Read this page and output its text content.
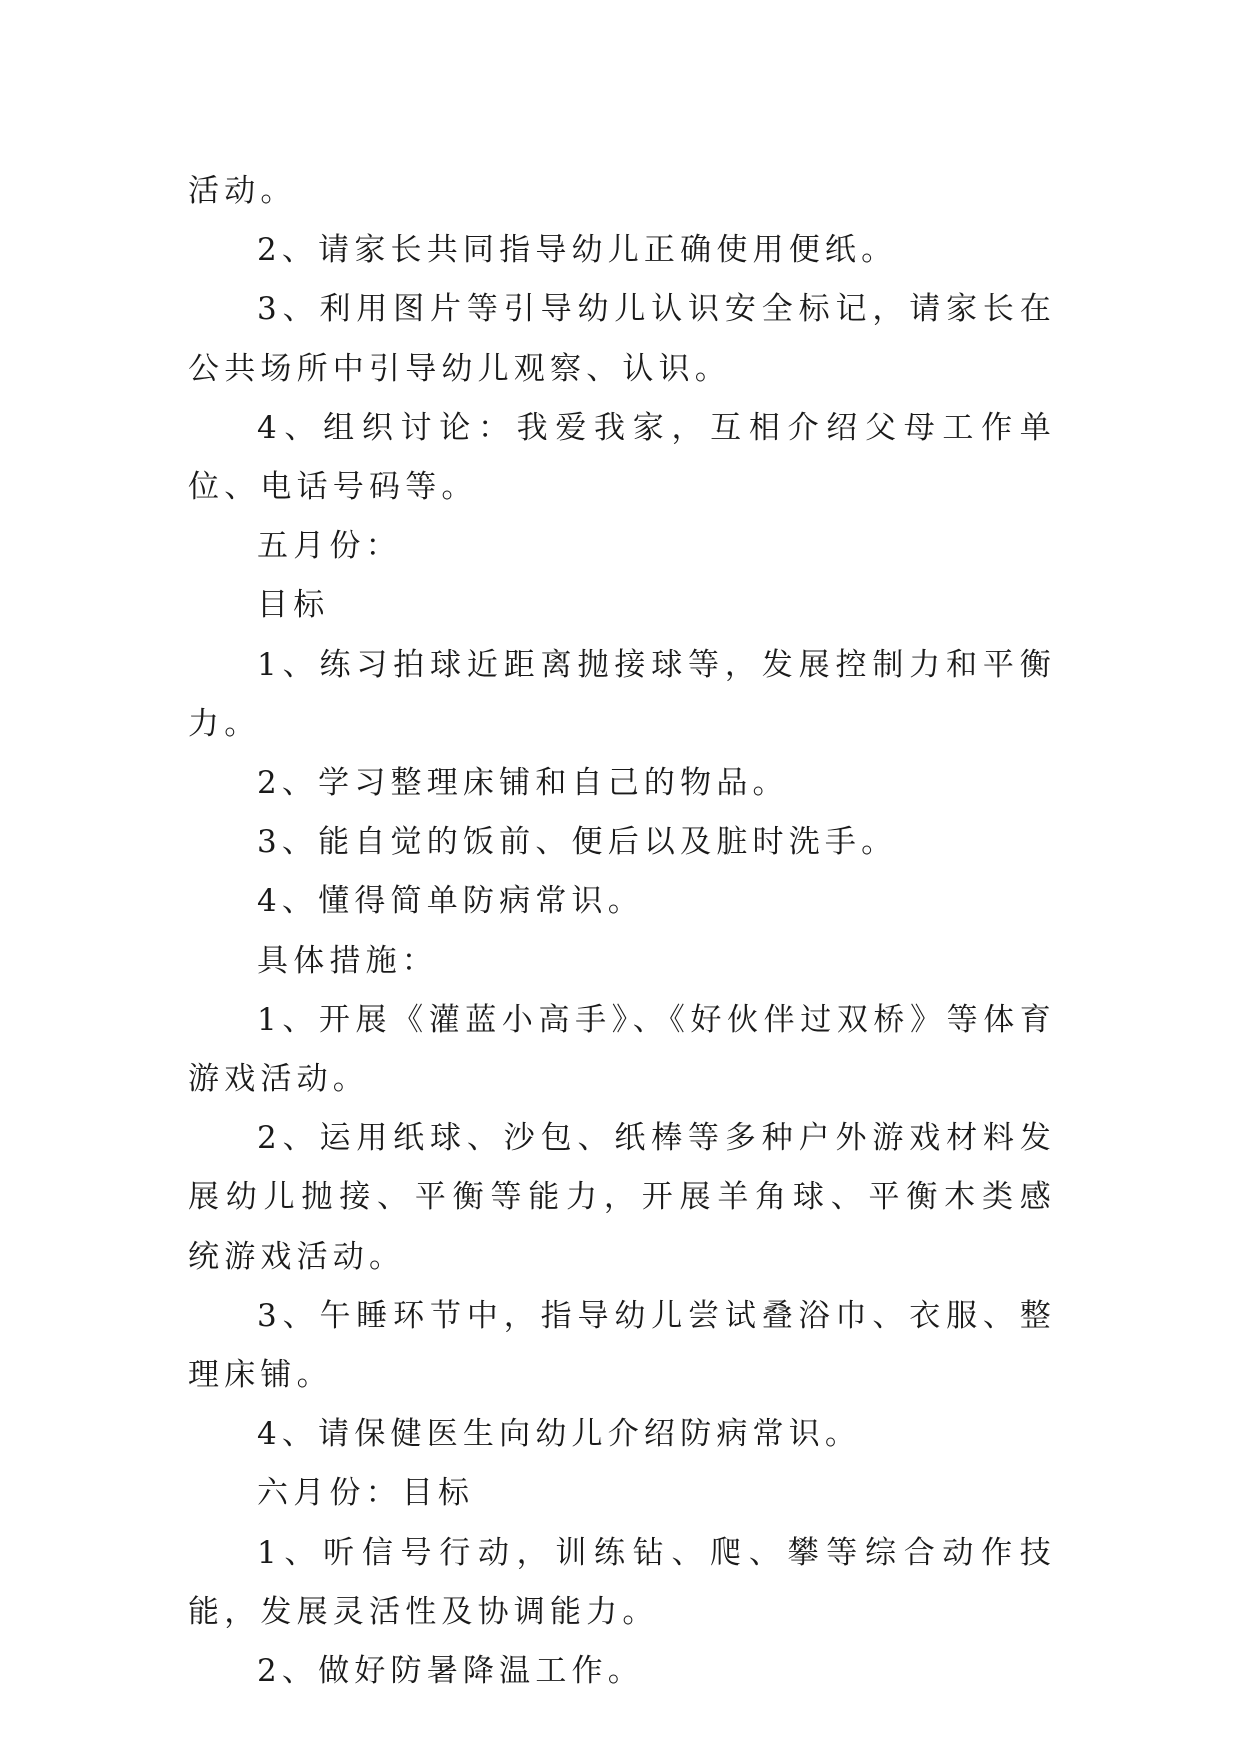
活动。

2、请家长共同指导幼儿正确使用便纸。

3、利用图片等引导幼儿认识安全标记，请家长在公共场所中引导幼儿观察、认识。

4、组织讨论：我爱我家，互相介绍父母工作单位、电话号码等。

五月份：

目标

1、练习拍球近距离抛接球等，发展控制力和平衡力。

2、学习整理床铺和自己的物品。

3、能自觉的饭前、便后以及脏时洗手。

4、懂得简单防病常识。

具体措施：

1、开展《灌蓝小高手》、《好伙伴过双桥》等体育游戏活动。

2、运用纸球、沙包、纸棒等多种户外游戏材料发展幼儿抛接、平衡等能力，开展羊角球、平衡木类感统游戏活动。

3、午睡环节中，指导幼儿尝试叠浴巾、衣服、整理床铺。

4、请保健医生向幼儿介绍防病常识。

六月份：目标

1、听信号行动，训练钻、爬、攀等综合动作技能，发展灵活性及协调能力。

2、做好防暑降温工作。
